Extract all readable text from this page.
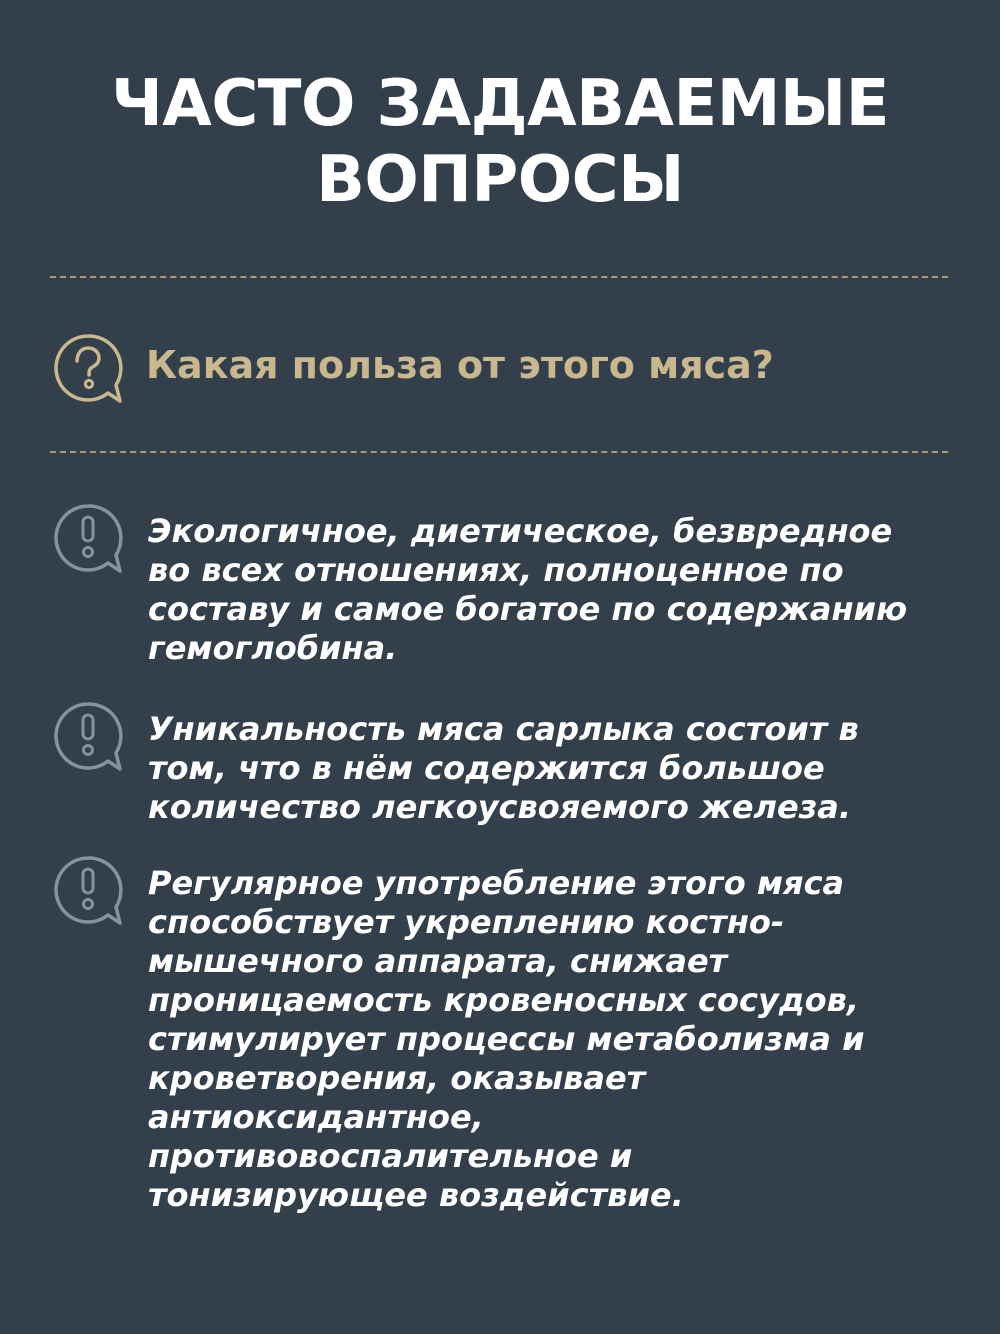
ЧАСТО ЗАДАВАЕМЫЕ
ВОПРОСЫ
Какая польза от этого мяса?
Экологичное, диетическое, безвредное
во всех отношениях, полноценное по
составу и самое богатое по содержанию
гемоглобина.
Уникальность мяса сарлыка состоит в
том, что в нём содержится большое
количество легкоусвояемого железа.
Регулярное употребление этого мяса
способствует укреплению костно-
мышечного аппарата, снижает
проницаемость кровеносных сосудов,
стимулирует процессы метаболизма и
кроветворения, оказывает
антиоксидантное,
противовоспалительное и
тонизирующее воздействие.
